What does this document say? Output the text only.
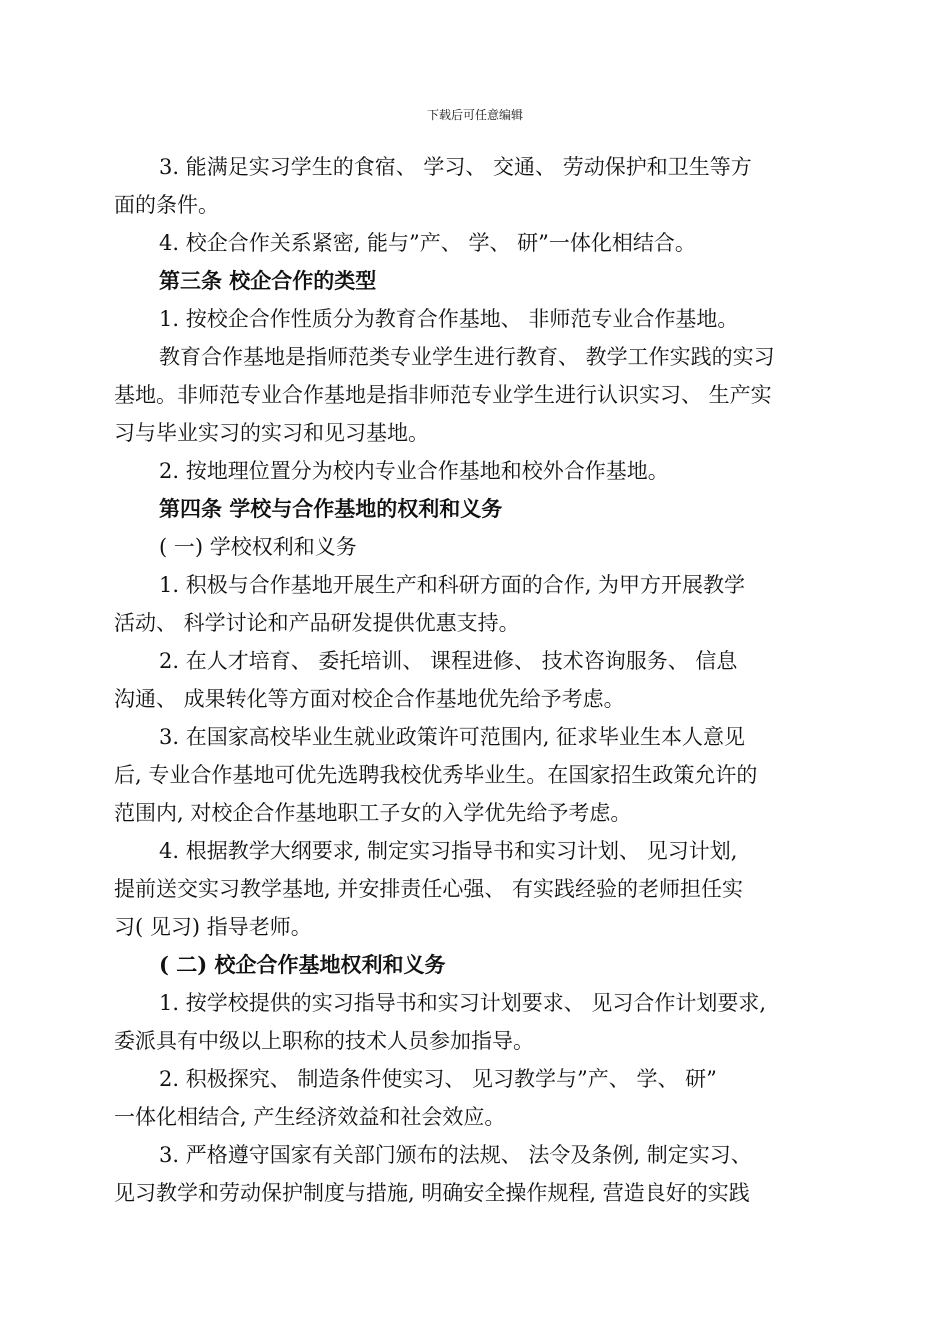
下载后可任意编辑
3. 能满足实习学生的食宿、 学习、 交通、 劳动保护和卫生等方
面的条件。
4. 校企合作关系紧密, 能与”产、 学、 研”一体化相结合。
第三条 校企合作的类型
1. 按校企合作性质分为教育合作基地、 非师范专业合作基地。
教育合作基地是指师范类专业学生进行教育、 教学工作实践的实习
基地。非师范专业合作基地是指非师范专业学生进行认识实习、 生产实
习与毕业实习的实习和见习基地。
2. 按地理位置分为校内专业合作基地和校外合作基地。
第四条 学校与合作基地的权利和义务
( 一) 学校权利和义务
1. 积极与合作基地开展生产和科研方面的合作, 为甲方开展教学
活动、 科学讨论和产品研发提供优惠支持。
2. 在人才培育、 委托培训、 课程进修、 技术咨询服务、 信息
沟通、 成果转化等方面对校企合作基地优先给予考虑。
3. 在国家高校毕业生就业政策许可范围内, 征求毕业生本人意见
后, 专业合作基地可优先选聘我校优秀毕业生。在国家招生政策允许的
范围内, 对校企合作基地职工子女的入学优先给予考虑。
4. 根据教学大纲要求, 制定实习指导书和实习计划、 见习计划,
提前送交实习教学基地, 并安排责任心强、 有实践经验的老师担任实
习( 见习) 指导老师。
( 二) 校企合作基地权利和义务
1. 按学校提供的实习指导书和实习计划要求、 见习合作计划要求,
委派具有中级以上职称的技术人员参加指导。
2. 积极探究、 制造条件使实习、 见习教学与”产、 学、 研”
一体化相结合, 产生经济效益和社会效应。
3. 严格遵守国家有关部门颁布的法规、 法令及条例, 制定实习、
见习教学和劳动保护制度与措施, 明确安全操作规程, 营造良好的实践
